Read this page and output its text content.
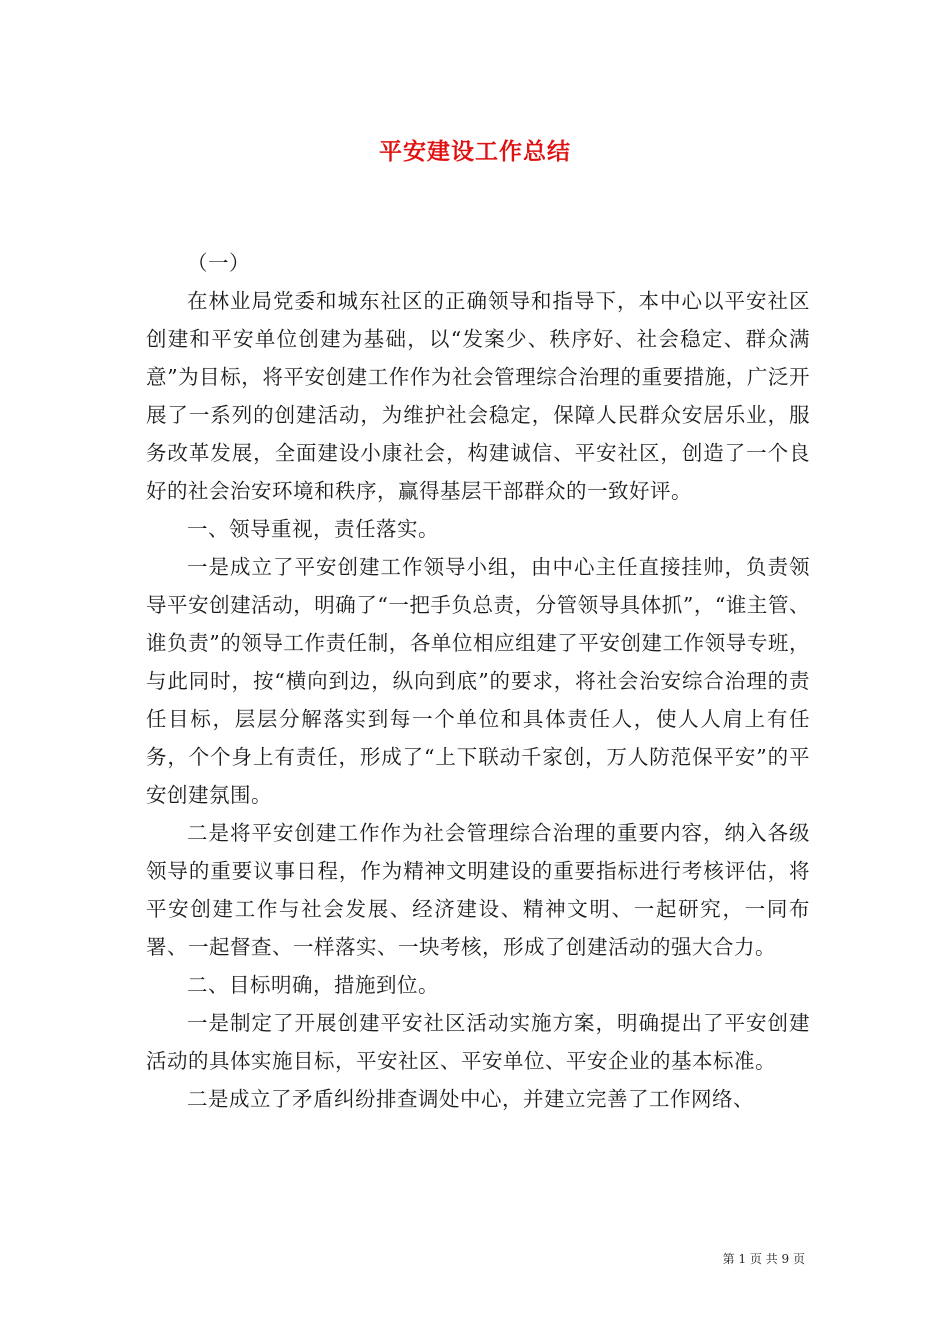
平安建设工作总结

（一）

在林业局党委和城东社区的正确领导和指导下，本中心以平安社区创建和平安单位创建为基础，以“发案少、秩序好、社会稳定、群众满意”为目标，将平安创建工作作为社会管理综合治理的重要措施，广泛开展了一系列的创建活动，为维护社会稳定，保障人民群众安居乐业，服务改革发展，全面建设小康社会，构建诚信、平安社区，创造了一个良好的社会治安环境和秩序，赢得基层干部群众的一致好评。

一、领导重视，责任落实。

一是成立了平安创建工作领导小组，由中心主任直接挂帅，负责领导平安创建活动，明确了“一把手负总责，分管领导具体抓”，“谁主管、谁负责”的领导工作责任制，各单位相应组建了平安创建工作领导专班，与此同时，按“横向到边，纵向到底”的要求，将社会治安综合治理的责任目标，层层分解落实到每一个单位和具体责任人，使人人肩上有任务，个个身上有责任，形成了“上下联动千家创，万人防范保平安”的平安创建氛围。

二是将平安创建工作作为社会管理综合治理的重要内容，纳入各级领导的重要议事日程，作为精神文明建设的重要指标进行考核评估，将平安创建工作与社会发展、经济建设、精神文明、一起研究，一同布署、一起督查、一样落实、一块考核，形成了创建活动的强大合力。

二、目标明确，措施到位。

一是制定了开展创建平安社区活动实施方案，明确提出了平安创建活动的具体实施目标，平安社区、平安单位、平安企业的基本标准。

二是成立了矛盾纠纷排查调处中心，并建立完善了工作网络、

第 1 页 共 9 页
